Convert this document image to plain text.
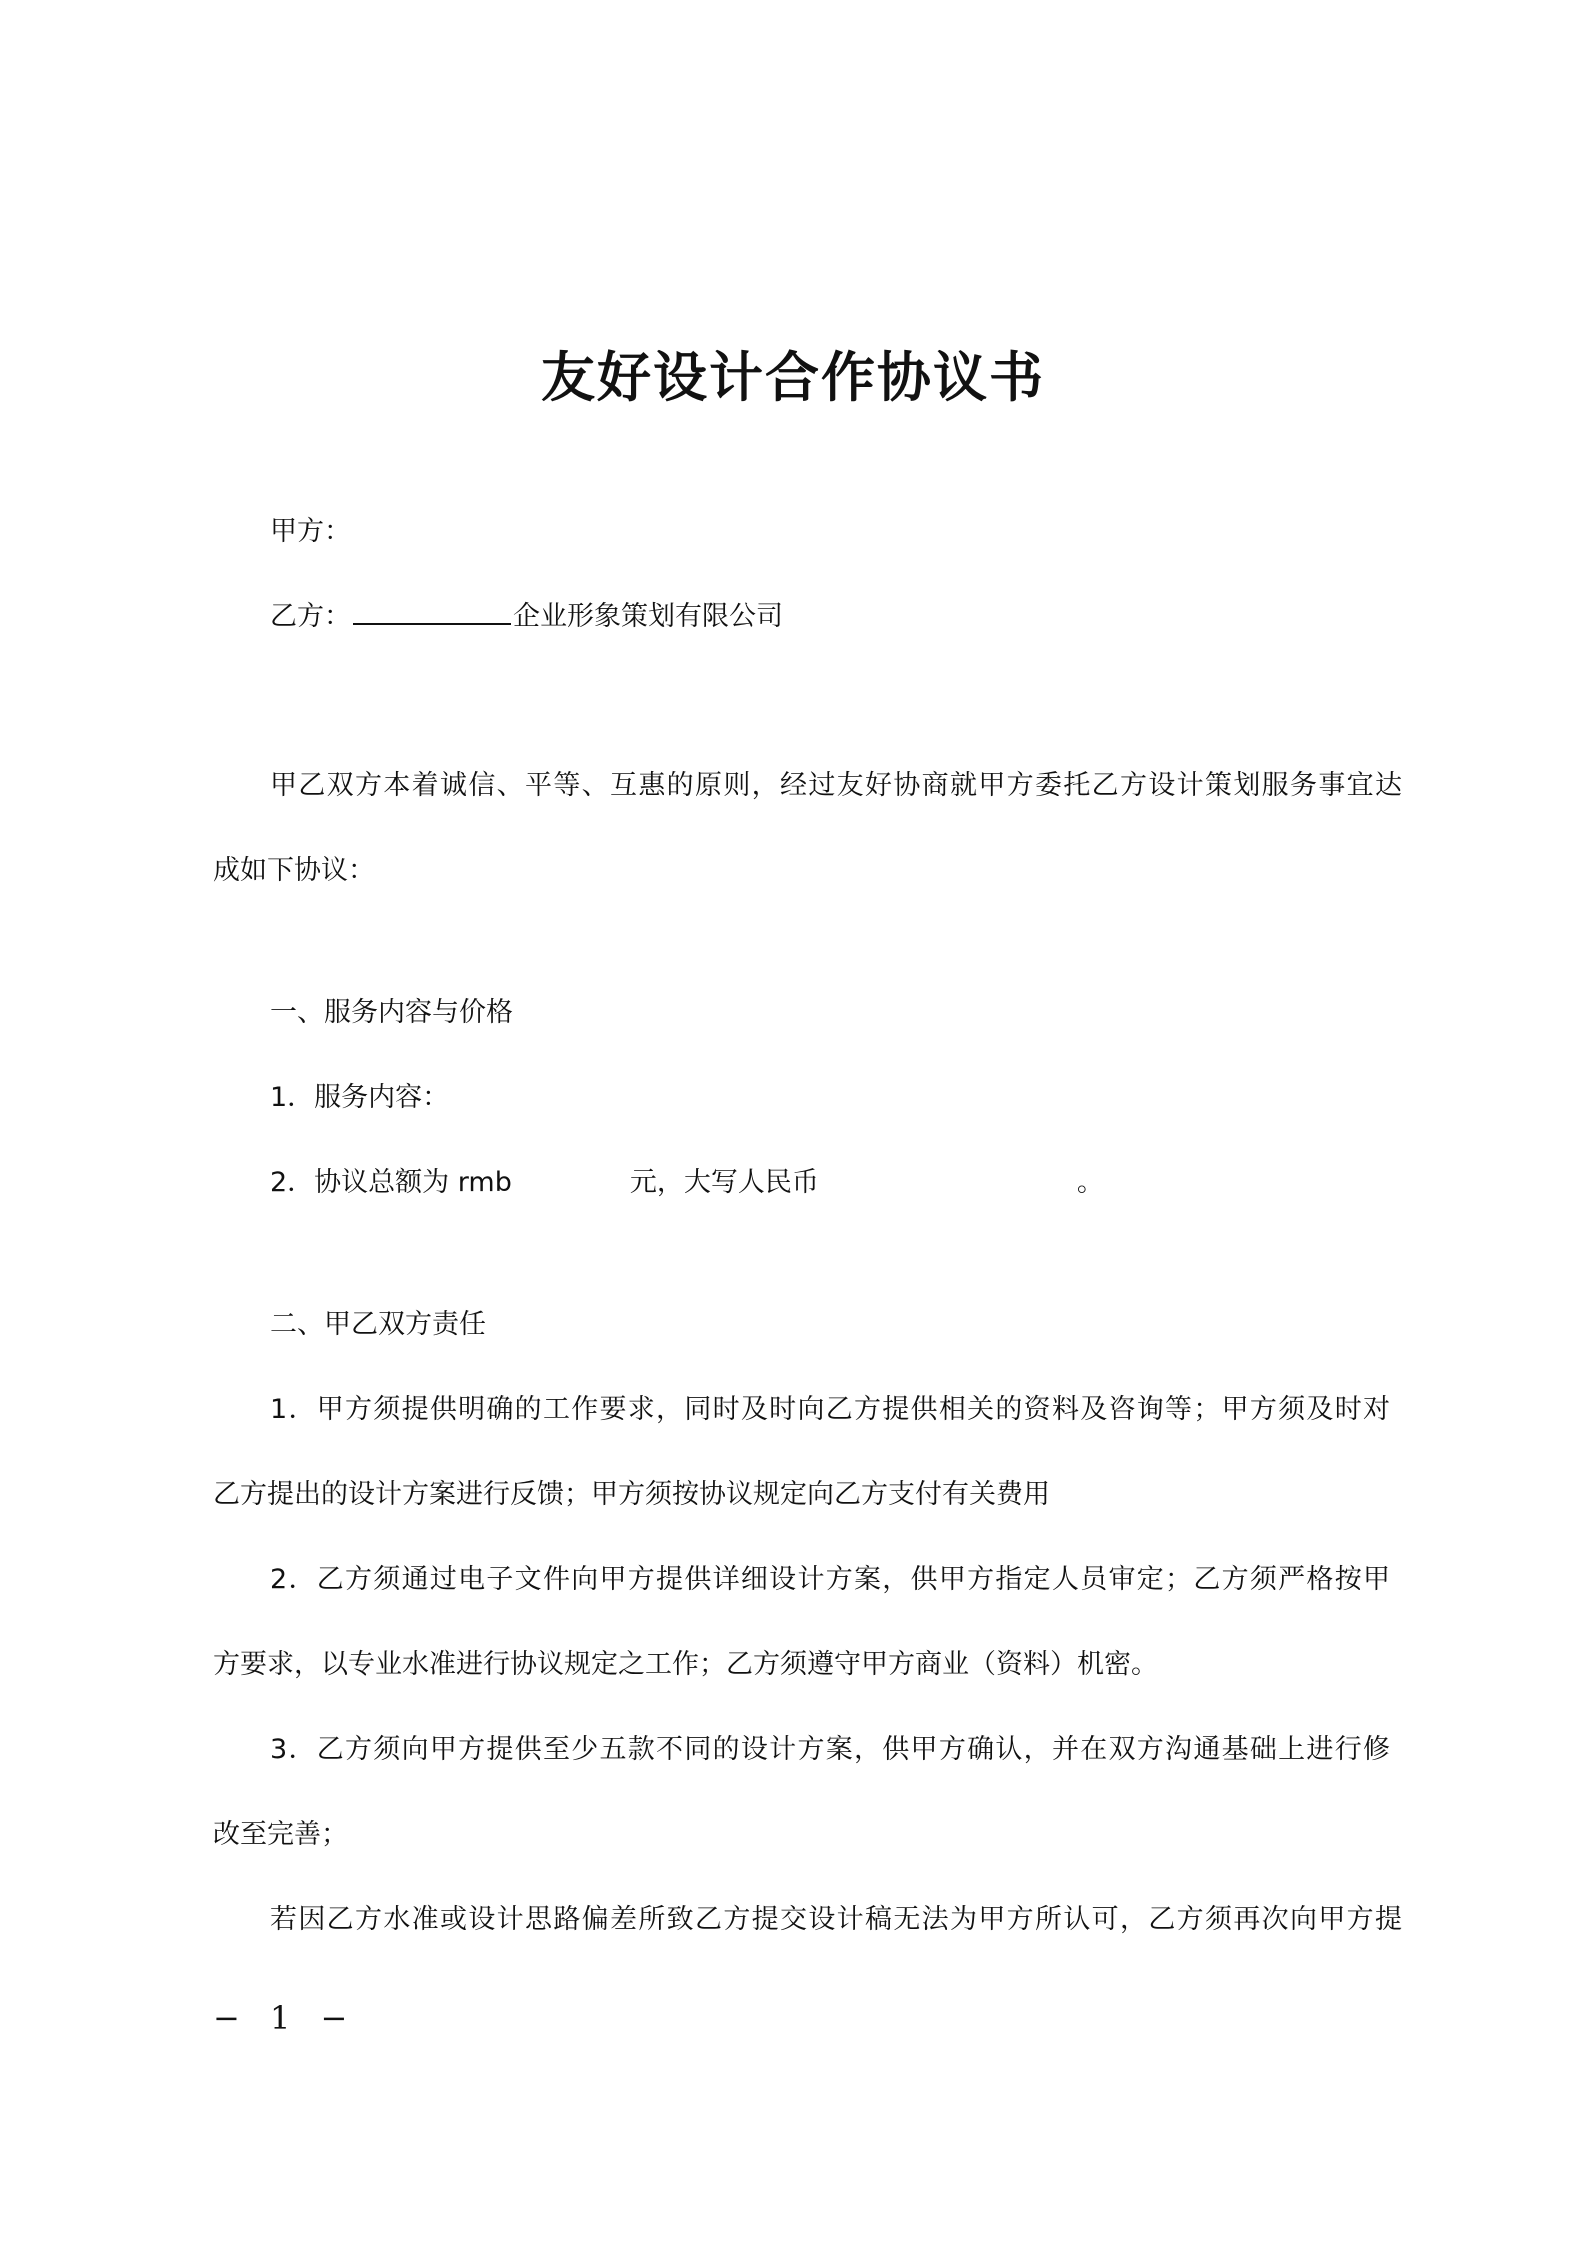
友好设计合作协议书
甲方：
乙方：	企业形象策划有限公司
甲乙双方本着诚信、平等、互惠的原则，经过友好协商就甲方委托乙方设计策划服务事宜达
成如下协议：
一、服务内容与价格
1．服务内容：
2．协议总额为 rmb	元，大写人民币	。
二、甲乙双方责任
1．甲方须提供明确的工作要求，同时及时向乙方提供相关的资料及咨询等；甲方须及时对
乙方提出的设计方案进行反馈；甲方须按协议规定向乙方支付有关费用
2．乙方须通过电子文件向甲方提供详细设计方案，供甲方指定人员审定；乙方须严格按甲
方要求，以专业水准进行协议规定之工作；乙方须遵守甲方商业（资料）机密。
3．乙方须向甲方提供至少五款不同的设计方案，供甲方确认，并在双方沟通基础上进行修
改至完善；
若因乙方水准或设计思路偏差所致乙方提交设计稿无法为甲方所认可，乙方须再次向甲方提
− 1 −
